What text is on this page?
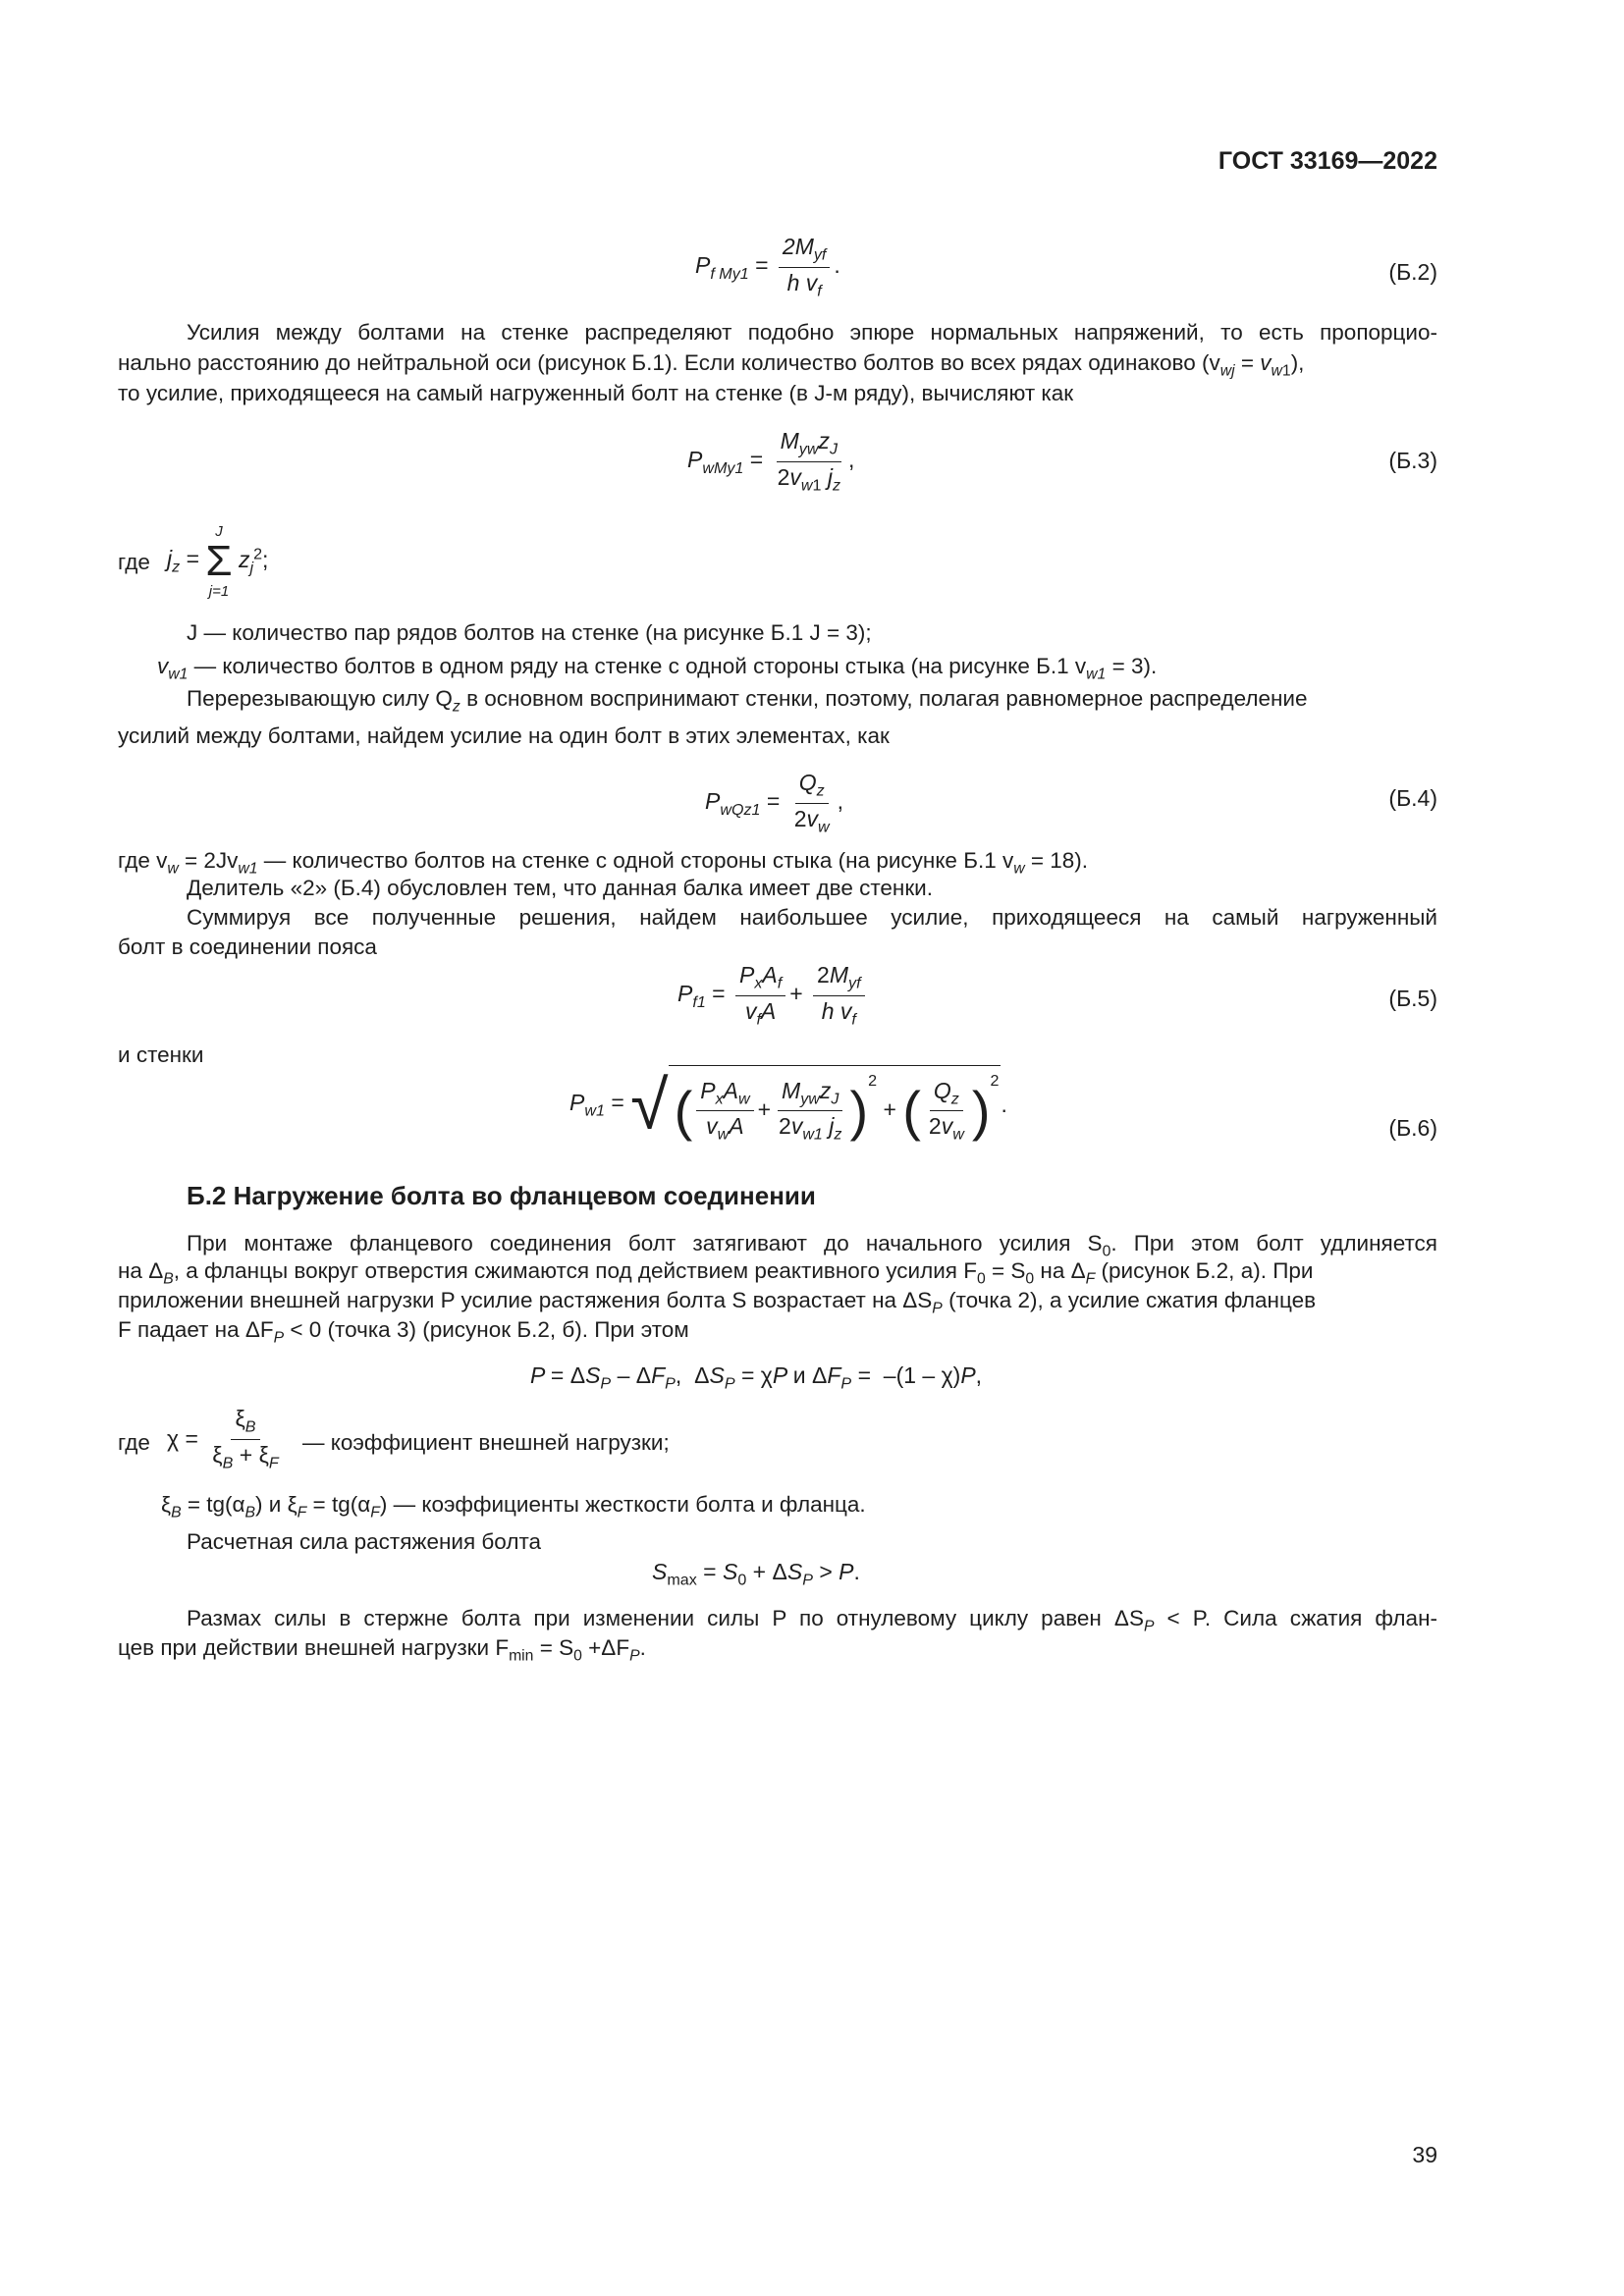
ГОСТ 33169—2022
$P_{f My1} = \frac{2M_{yf}}{h v_f}$ .	(Б.2)
Усилия между болтами на стенке распределяют подобно эпюре нормальных напряжений, то есть пропорцио-
нально расстоянию до нейтральной оси (рисунок Б.1). Если количество болтов во всех рядах одинаково $(v_{wj} = v_{w1})$,
то усилие, приходящееся на самый нагруженный болт на стенке (в J-м ряду), вычисляют как
$P_{wMy1} = \frac{M_{yw}z_J}{2v_{w1} j_z}$ ,	(Б.3)
где $j_z$ =
J
Σ
j=1
$z_j^2$;
J — количество пар рядов болтов на стенке (на рисунке Б.1 J = 3);
$v_{w1}$ — количество болтов в одном ряду на стенке с одной стороны стыка (на рисунке Б.1 $v_{w1} = 3$).
Перерезывающую силу $Q_z$ в основном воспринимают стенки, поэтому, полагая равномерное распределение
усилий между болтами, найдем усилие на один болт в этих элементах, как
$P_{wQz1} = \frac{Q_z}{2v_w}$ ,	(Б.4)
где $v_w = 2Jv_{w1}$ — количество болтов на стенке с одной стороны стыка (на рисунке Б.1 $v_w = 18$).
Делитель «2» (Б.4) обусловлен тем, что данная балка имеет две стенки.
Суммируя все полученные решения, найдем наибольшее усилие, приходящееся на самый нагруженный
болт в соединении пояса
$P_{f1} = \frac{P_xA_f}{v_fA} + \frac{2M_{yf}}{h v_f}$	(Б.5)
и стенки
$P_{w1}$ = √ ( $\frac{P_xA_w}{v_wA} + \frac{M_{yw}z_J}{2v_{w1} j_z} )^2$ + ( $\frac{Q_z}{2v_w} )^2$.
(Б.6)
Б.2 Нагружение болта во фланцевом соединении
При монтаже фланцевого соединения болт затягивают до начального усилия $S_0$. При этом болт удлиняется
на $\Delta_B$, а фланцы вокруг отверстия сжимаются под действием реактивного усилия $F_0 = S_0$ на $\Delta_F$ (рисунок Б.2, а). При
приложении внешней нагрузки P усилие растяжения болта S возрастает на $\Delta S_P$ (точка 2), а усилие сжатия фланцев
F падает на $\Delta F_P < 0$ (точка 3) (рисунок Б.2, б). При этом
$P = \Delta S_P - \Delta F_P$,  $\Delta S_P = \chi P$ и $\Delta F_P = -(1 - \chi)P$,
где $\chi = \frac{\xi_B}{\xi_B + \xi_F}$ — коэффициент внешней нагрузки;
$\xi_B = tg(\alpha_B)$ и $\xi_F = tg(\alpha_F)$ — коэффициенты жесткости болта и фланца.
Расчетная сила растяжения болта
$S_{max} = S_0 + \Delta S_P > P$.
Размах силы в стержне болта при изменении силы P по отнулевому циклу равен $\Delta S_P < P$. Сила сжатия флан-
цев при действии внешней нагрузки $F_{min} = S_0 +\Delta F_P$.
39
